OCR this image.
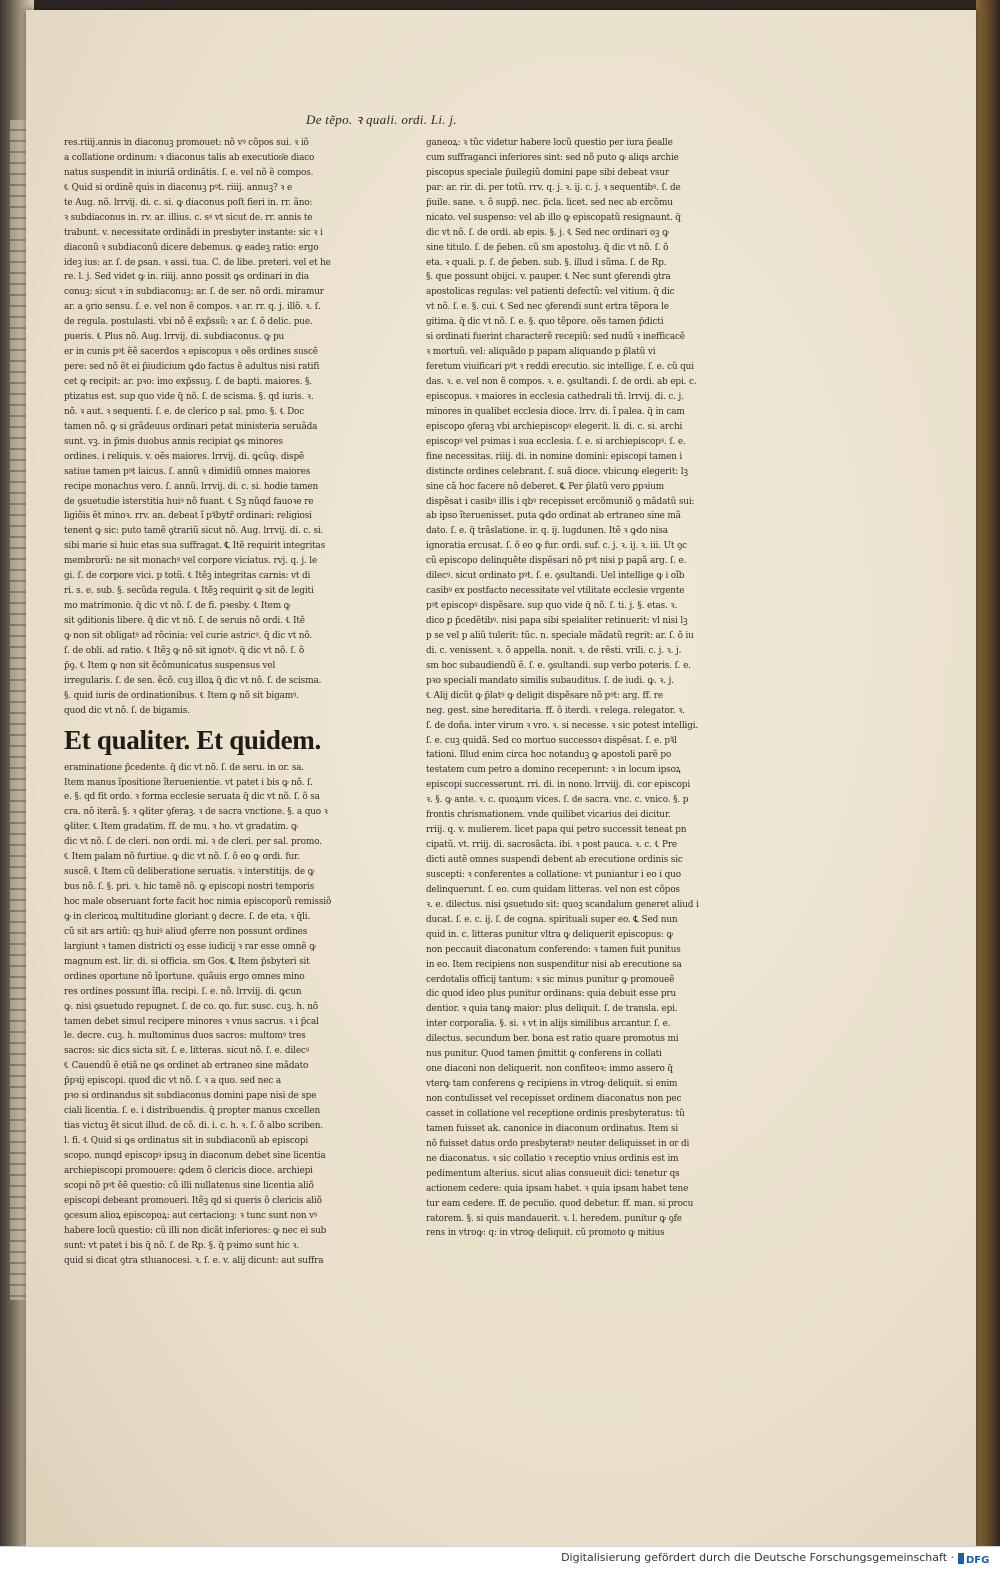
De tẽpo. ꝛ quali. ordi. Li. j.
res.riiij.annis in diaconuꝫ promouet: nõ vꝰ cõpos sui. ꝛ iõ
a collatione ordinum: ꝛ diaconus talis ab execution͂e diaco
natus suspendit in iniuriã ordinãtis. ſ. e. vel nõ ẽ compos.
℄ Quid si ordinẽ quis in diaconuꝫ pꝰt. riiij. annuꝫ? ꝛ e
te Aug. nõ. lrrvij. di. c. si. ꝙ diaconus poſt fieri in. rr. ãno:
ꝛ subdiaconus in. rv. ar. illius. c. sꝰ vt sicut de. rr. annis te
trabunt. v. necessitate ordinãdi in presbyter instante: sic ꝛ i
diaconũ ꝛ subdiaconũ dicere debemus. ꝙ eadeꝫ ratio: ergo
ideꝫ ius: ar. ſ. de ꝑsan. ꝛ assi. tua. C. de libe. preteri. vel et he
re. l. j. Sed videt ꝙ in. riiij. anno possit ꝙs ordinari in dia
conuꝫ: sicut ꝛ in subdiaconuꝫ: ar. ſ. de ser. nõ ordi. miramur
ar. a ꝯrio sensu. ſ. e. vel non ẽ compos. ꝛ ar. rr. q. j. illõ. ꝛ. ſ.
de regula. postulasti. vbi nõ ẽ exp̃ssũ: ꝛ ar. ſ. õ delic. pue.
pueris. ℄ Plus nõ. Aug. lrrvij. di. subdiaconus. ꝙ pu
er in cunis pꝰt ẽẽ sacerdos ꝛ episcopus ꝛ oẽs ordines suscẽ
pere: sed nõ ẽt ei p̃iudicium ꝙdo factus ẽ adultus nisi ratifi
cet ꝙ recipit: ar. pꝛo: imo exp̃ssuꝫ. ſ. de bapti. maiores. §.
ptizatus est. sup quo vide q̃ nõ. ſ. de scisma. §. qd iuris. ꝛ.
nõ. ꝛ aut. ꝛ sequenti. ſ. e. de clerico p sal. pmo. §. ℄ Doc
tamen nõ. ꝙ si grãdeuus ordinari petat ministeria seruãda
sunt. vꝫ. in p̃mis duobus annis recipiat ꝙs minores
ordines. i reliquis. v. oẽs maiores. lrrvij. di. ꝙcũꝙ. dispẽ
satiue tamen pꝰt laicus. ſ. annũ ꝛ dimidiũ omnes maiores
recipe monachus vero. ſ. annũ. lrrvij. di. c. si. hodie tamen
de ꝯsuetudie isterstitia huiꝰ nõ fuant. ℄ Sꝫ nũqd fauoꝛe re
ligiõis ẽt minoꝛ. rrv. an. debeat ĩ pꝛ̃bytr̃ ordinari: religiosi
tenent ꝙ sic: puto tamẽ ꝯtrariũ sicut nõ. Aug. lrrvij. di. c. si.
sibi marie si huic etas sua suffragat. ℄ Itẽ requirit integritas
membrorũ: ne sit monachꝰ vel corpore viciatus. rvj. q. j. le
gi. ſ. de corpore vici. p totũ. ℄ Itẽꝫ integritas carnis: vt di
ri. s. e. sub. §. secũda regula. ℄ Itẽꝫ requirit ꝙ sit de legiti
mo matrimonio. q̃ dic vt nõ. ſ. de fi. pꝛesby. ℄ Item ꝙ
sit ꝯditionis libere. q̃ dic vt nõ. ſ. de seruis nõ ordi. ℄ Itẽ
ꝙ non sit obligatꝰ ad rõcinia: vel curie astricꝰ. q̃ dic vt nõ.
ſ. de obli. ad ratio. ℄ Itẽꝫ ꝙ nõ sit ignotꝰ. q̃ dic vt nõ. ſ. õ
p̃ꝯ. ℄ Item ꝙ non sit ẽcõmunicatus suspensus vel
irregularis. ſ. de sen. ẽcõ. cuꝫ illoꝝ q̃ dic vt nõ. ſ. de scisma.
§. quid iuris de ordinationibus. ℄ Item ꝙ nõ sit bigamꝰ.
quod dic vt nõ. ſ. de bigamis.
Et qualiter. Et quidem.
eraminatione p̃cedente. q̃ dic vt nõ. ſ. de seru. in or. sa.
Item manus ĩpositione ĩteruenientie. vt patet i bis ꝙ nõ. ſ.
e. §. qd fit ordo. ꝛ forma ecclesie seruata q̃ dic vt nõ. ſ. õ sa
cra. nõ iterã. §. ꝛ ꝙliter ꝯferaꝫ. ꝛ de sacra vnctione. §. a quo ꝛ
ꝙliter. ℄ Item gradatim. ff. de mu. ꝛ ho. vt gradatim. ꝙ
dic vt nõ. ſ. de cleri. non ordi. mi. ꝛ de cleri. per sal. promo.
℄ Item palam nõ furtiue. ꝙ dic vt nõ. ſ. õ eo ꝙ ordi. fur.
suscẽ. ℄ Item cũ deliberatione seruatis. ꝛ interstitijs. de ꝙ
bus nõ. ſ. §. pri. ꝛ. hic tamẽ nõ. ꝙ episcopi nostri temporis
hoc male obseruant forte facit hoc nimia episcoporũ remissiõ
ꝙ in clericoꝝ multitudine gloriant ꝯ decre. ſ. de eta. ꝛ q̃li.
cũ sit ars artiũ: qꝫ huiꝰ aliud ꝯferre non possunt ordines
largiunt ꝛ tamen districti oꝫ esse iudicij ꝛ rar esse omnẽ ꝙ
magnum est. lir. di. si officia. sm Gos. ℄ Item p̃sbyteri sit
ordines oportune nõ ĩportune. quãuis ergo omnes mino
res ordines possunt ĩfla. recipi. ſ. e. nõ. lrrviij. di. ꝙcun
ꝙ. nisi ꝯsuetudo repugnet. ſ. de co. qo. fur. susc. cuꝫ. h. nõ
tamen debet simul recipere minores ꝛ vnus sacrus. ꝛ i p̃cal
le. decre. cuꝫ. h. multominus duos sacros: multomꝰ tres
sacros: sic dics sicta sit. ſ. e. litteras. sicut nõ. ſ. e. dilecꝰ
℄ Cauendũ ẽ etiã ne ꝙs ordinet ab ertraneo sine mãdato
p̃pꝛij episcopi. quod dic vt nõ. ſ. ꝛ a quo. sed nec a
pꝛo si ordinandus sit subdiaconus domini pape nisi de spe
ciali licentia. ſ. e. i distribuendis. q̃ propter manus cxcellen
tias victuꝫ ẽt sicut illud. de cõ. di. i. c. h. ꝛ. ſ. õ albo scriben.
l. fi. ℄ Quid si ꝙs ordinatus sit in subdiaconũ ab episcopi
scopo. nunqd episcopꝰ ipsuꝫ in diaconum debet sine licentia
archiepiscopi promouere: ꝙdem õ clericis dioce. archiepi
scopi nõ pꝰt ẽẽ questio: cũ illi nullatenus sine licentia aliõ
episcopi debeant promoueri. Itẽꝫ qd si queris õ clericis aliõ
ꝯcesum alioꝝ episcopoꝝ: aut certacionꝫ: ꝛ tunc sunt non vꝰ
habere locũ questio: cũ illi non dicãt inferiores: ꝙ nec ei sub
sunt: vt patet i bis q̃ nõ. ſ. de Rp. §. q̃ pꝛimo sunt hic ꝛ.
quid si dicat ꝯtra stluanocesi. ꝛ. ſ. e. v. alij dicunt: aut suffra
ganeoꝝ: ꝛ tũc videtur habere locũ questio per iura p̃ealle
cum suffraganci inferiores sint: sed nõ puto ꝙ aliqs archie
piscopus speciale p̃uilegiũ domini pape sibi debeat vsur
par: ar. rir. di. per totũ. rrv. q. j. ꝛ. ij. c. j. ꝛ sequentibꝰ. ſ. de
p̃uile. sane. ꝛ. õ supp̃. nec. p̃cla. licet. sed nec ab ercõmu
nicato. vel suspenso: vel ab illo ꝙ episcopatũ resignaunt. q̃
dic vt nõ. ſ. de ordi. ab epis. §. j. ℄ Sed nec ordinari oꝫ ꝙ
sine titulo. ſ. de p̃eben. cũ sm apostoluꝫ. q̃ dic vt nõ. ſ. õ
eta. ꝛ quali. p. ſ. de p̃eben. sub. §. illud i sũma. ſ. de Rp.
§. que possunt obijci. v. pauper. ℄ Nec sunt ꝯferendi ꝯtra
apostolicas regulas: vel patienti defectũ: vel vitium. q̃ dic
vt nõ. ſ. e. §. cui. ℄ Sed nec ꝯferendi sunt ertra tẽpora le
gitima. q̃ dic vt nõ. ſ. e. §. quo tẽpore. oẽs tamen p̃dicti
si ordinati fuerint characterẽ recepiũ: sed nudũ ꝛ inefficacẽ
ꝛ mortuũ. vel: aliquãdo p papam aliquando p p̃latũ vi
feretum viuificari pꝰt ꝛ reddi erecutio. sic intellige. ſ. e. cũ qui
das. ꝛ. e. vel non ẽ compos. ꝛ. e. ꝯsultandi. ſ. de ordi. ab epi. c.
episcopus. ꝛ maiores in ecclesia cathedrali tñ. lrrvij. di. c. j.
minores in qualibet ecclesia dioce. lrrv. di. ĩ palea. q̃ in cam
episcopo ꝯferaꝫ vbi archiepiscopꝰ elegerit. li. di. c. si. archi
episcopꝰ vel pꝛimas i sua ecclesia. ſ. e. si archiepiscopꝰ. ſ. e.
fine necessitas. riiij. di. in nomine domini: episcopi tamen i
distincte ordines celebrant. ſ. suã dioce. vbicunꝙ elegerit: lꝫ
sine cã hoc facere nõ deberet. ℄ Per p̃latũ vero ꝑpꝛium
dispẽsat i casibꝰ illis i qbꝰ recepisset ercõmuniõ ꝯ mãdatũ sui:
ab ipso ĩteruenisset. puta ꝙdo ordinat ab ertraneo sine mã
dato. ſ. e. q̃ trãslatione. ir. q. ij. lugdunen. Itẽ ꝛ ꝙdo nisa
ignoratia ercusat. ſ. õ eo ꝙ fur. ordi. suf. c. j. ꝛ. ij. ꝛ. iii. Ut ꝯc
cũ episcopo delinquẽte dispẽsari nõ pꝰt nisi p papã arg. ſ. e.
dilecꝰ. sicut ordinato pꝰt. ſ. e. ꝯsultandi. Uel intellige ꝙ i oĩb
casibꝰ ex postfacto necessitate vel vtilitate ecclesie vrgente
pꝰt episcopꝰ dispẽsare. sup quo vide q̃ nõ. ſ. ti. j. §. etas. ꝛ.
dico ꝑ p̃cedẽtibꝰ. nisi papa sibi speialiter retinuerit: vl nisi lꝫ
p se vel p aliũ tulerit: tũc. n. speciale mãdatũ regrit: ar. ſ. õ iu
di. c. venissent. ꝛ. õ appella. nonit. ꝛ. de rẽsti. vrili. c. j. ꝛ. j.
sm hoc subaudiendũ ẽ. ſ. e. ꝯsultandi. sup verbo poteris. ſ. e.
pꝛo speciali mandato similis subauditus. ſ. de iudi. ꝙ. ꝛ. j.
℄ Alij dicũt ꝙ p̃latꝰ ꝙ deligit dispẽsare nõ pꝰt: arg. ff. re
neg. gest. sine hereditaria. ff. õ iterdi. ꝛ relega. relegator. ꝛ.
ſ. de doña. inter virum ꝛ vro. ꝛ. si necesse. ꝛ sic potest intelligi.
ſ. e. cuꝫ quidã. Sed co mortuo successoꝛ dispẽsat. ſ. e. pꝛ̃l
tationi. Illud enim circa hoc notanduꝫ ꝙ apostoli parẽ po
testatem cum petro a domino receperunt: ꝛ in locum ipsoꝝ
episcopi successerunt. rri. di. in nono. lrrviij. di. cor episcopi
ꝛ. §. ꝙ ante. ꝛ. c. quoꝝum vices. ſ. de sacra. vnc. c. vnico. §. p
frontis chrismationem. vnde quilibet vicarius dei dicitur.
rriij. q. v. mulierem. licet papa qui petro successit teneat pn
cipatũ. vt. rriij. di. sacrosãcta. ibi. ꝛ post pauca. ꝛ. c. ℄ Pre
dicti autẽ omnes suspendi debent ab erecutione ordinis sic
suscepti: ꝛ conferentes a collatione: vt puniantur i eo i quo
delinquerunt. ſ. eo. cum quidam litteras. vel non est cõpos
ꝛ. e. dilectus. nisi ꝯsuetudo sit: quoꝫ scandalum generet aliud i
ducat. ſ. e. c. ij. ſ. de cogna. spirituali super eo. ℄ Sed nun
quid in. c. litteras punitur vltra ꝙ deliquerit episcopus: ꝙ
non peccauit diaconatum conferendo: ꝛ tamen fuit punitus
in eo. Item recipiens non suspenditur nisi ab erecutione sa
cerdotalis officij tantum: ꝛ sic minus punitur ꝙ promoueẽ
dic quod ideo plus punitur ordinans: quia debuit esse pru
dentior. ꝛ quia tanꝙ maior: plus deliquit. ſ. de transla. epi.
inter corporalia. §. si. ꝛ vt in alijs similibus arcantur. ſ. e.
dilectus. secundum ber. bona est ratio quare promotus mi
nus punitur. Quod tamen p̃mittit ꝙ conferens in collati
one diaconi non deliquerit. non confiteoꝛ: immo assero q̃
vterꝙ tam conferens ꝙ recipiens in vtroꝙ deliquit. si enim
non contulisset vel recepisset ordinem diaconatus non pec
casset in collatione vel receptione ordinis presbyteratus: tũ
tamen fuisset ak. canonice in diaconum ordinatus. Item si
nõ fuisset datus ordo presbyteratꝰ neuter deliquisset in or di
ne diaconatus. ꝛ sic collatio ꝛ receptio vnius ordinis est im
pedimentum alterius. sicut alias consueuit dici: tenetur qs
actionem cedere: quia ipsam habet. ꝛ quia ipsam habet tene
tur eam cedere. ff. de peculio. quod debetur. ff. man. si procu
ratorem. §. si quis mandauerit. ꝛ. l. heredem. punitur ꝙ ꝯfe
rens in vtroꝙ: q: in vtroꝙ deliquit. cũ promoto ꝙ mitius
Digitalisierung gefördert durch die Deutsche Forschungsgemeinschaft · DFG
